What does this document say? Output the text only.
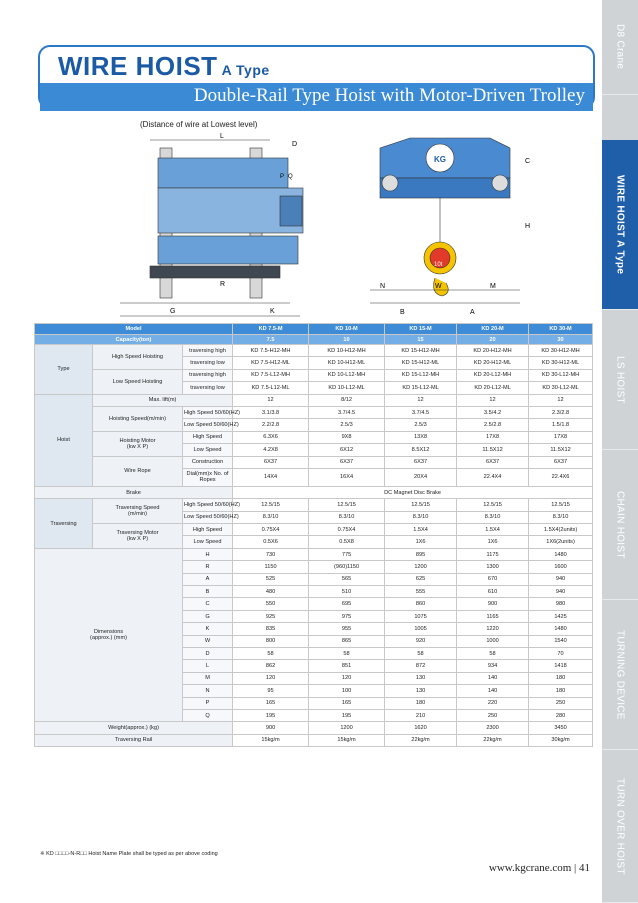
D8 Crane
WIRE HOIST A Type
LS HOIST
CHAIN HOIST
TURNING DEVICE
TURN OVER HOIST
WIRE HOIST A Type
Double-Rail Type Hoist with Motor-Driven Trolley
(Distance of wire at Lowest level)
L
D
P Q
R
G	K
KG
10t
C
H
N	W	M
B	A
Model			KD 7.5-M	KD 10-M	KD 15-M	KD 20-M	KD 30-M
Capacity(ton)			7.5	10	15	20	30
Type	High Speed Hoisting	traversing high	KD 7.5-H12-MH	KD 10-H12-MH	KD 15-H12-MH	KD 20-H12-MH	KD 30-H12-MH
		traversing low	KD 7.5-H12-ML	KD 10-H12-ML	KD 15-H12-ML	KD 20-H12-ML	KD 30-H12-ML
	Low Speed Hoisting	traversing high	KD 7.5-L12-MH	KD 10-L12-MH	KD 15-L12-MH	KD 20-L12-MH	KD 30-L12-MH
		traversing low	KD 7.5-L12-ML	KD 10-L12-ML	KD 15-L12-ML	KD 20-L12-ML	KD 30-L12-ML
Hoist	Max. lift(m)		12	8/12	12	12	12
	Hoisting Speed(m/min)	High Speed 50/60(HZ)	3.1/3.8	3.7/4.5	3.7/4.5	3.5/4.2	2.3/2.8
		Low Speed 50/60(HZ)	2.2/2.8	2.5/3	2.5/3	2.5/2.8	1.5/1.8
	Hoisting Motor
(kw X P)	High Speed	6.3X6	9X8	13X8	17X8	17X8
		Low Speed	4.2X8	6X12	8.5X12	11.5X12	11.5X12
	Wire Rope	Construction	6X37	6X37	6X37	6X37	6X37
		Dial(mm)x No. of Ropes	14X4	16X4	20X4	22.4X4	22.4X6
Brake			DC Magnet Disc Brake				
Traversing	Traversing Speed
(m/min)	High Speed 50/60(HZ)	12.5/15	12.5/15	12.5/15	12.5/15	12.5/15
		Low Speed 50/60(HZ)	8.3/10	8.3/10	8.3/10	8.3/10	8.3/10
	Traversing Motor
(kw X P)	High Speed	0.75X4	0.75X4	1.5X4	1.5X4	1.5X4(2units)
		Low Speed	0.5X6	0.5X8	1X6	1X6	1X6(2units)
Dimensions
(approx.) (mm)		H	730	775	895	1175	1480
		R	1150	(960)1150	1200	1300	1600
		A	525	565	625	670	940
		B	480	510	555	610	940
		C	550	695	860	900	980
		G	925	975	1075	1165	1425
		K	835	955	1005	1220	1480
		W	800	865	920	1000	1540
		D	58	58	58	58	70
		L	862	851	872	934	1418
		M	120	120	130	140	180
		N	95	100	130	140	180
		P	165	165	180	220	250
		Q	195	195	210	250	280
Weight(approx.) (kg)			900	1200	1620	2300	3450
Traversing Rail			15kg/m	15kg/m	22kg/m	22kg/m	30kg/m
※ KD □□□□-N-R□□ Hoist Name Plate shall be typed as per above coding
www.kgcrane.com | 41
